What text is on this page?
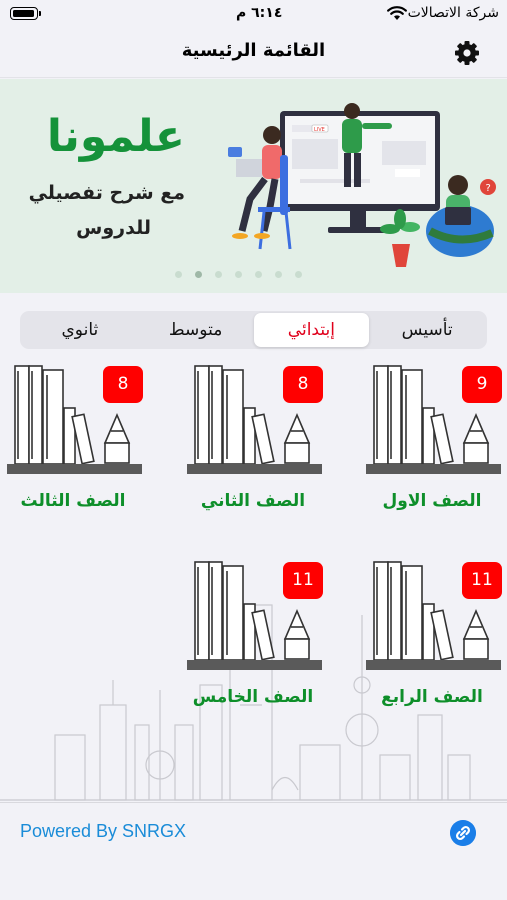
٦:١٤ م	شركة الاتصالات
القائمة الرئيسية
علمونا
مع شرح تفصيلي
للدروس
LIVE
?
تأسيس
إبتدائي
متوسط
ثانوي
9
الصف الاول
8
الصف الثاني
8
الصف الثالث
11
الصف الرابع
11
الصف الخامس
Powered By SNRGX
